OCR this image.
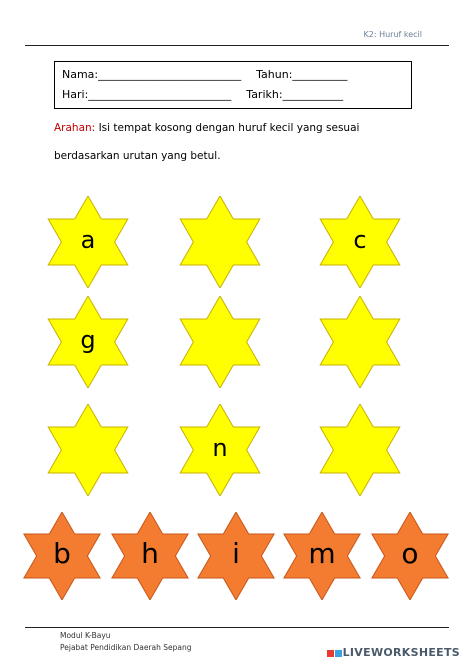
K2: Huruf kecil
Nama:__________________________ Tahun:__________
Hari:__________________________ Tarikh:___________
Arahan: Isi tempat kosong dengan huruf kecil yang sesuai
berdasarkan urutan yang betul.
a	c
g
n
b	h	i	m	o
Modul K-Bayu
Pejabat Pendidikan Daerah Sepang	LIVEWORKSHEETS
